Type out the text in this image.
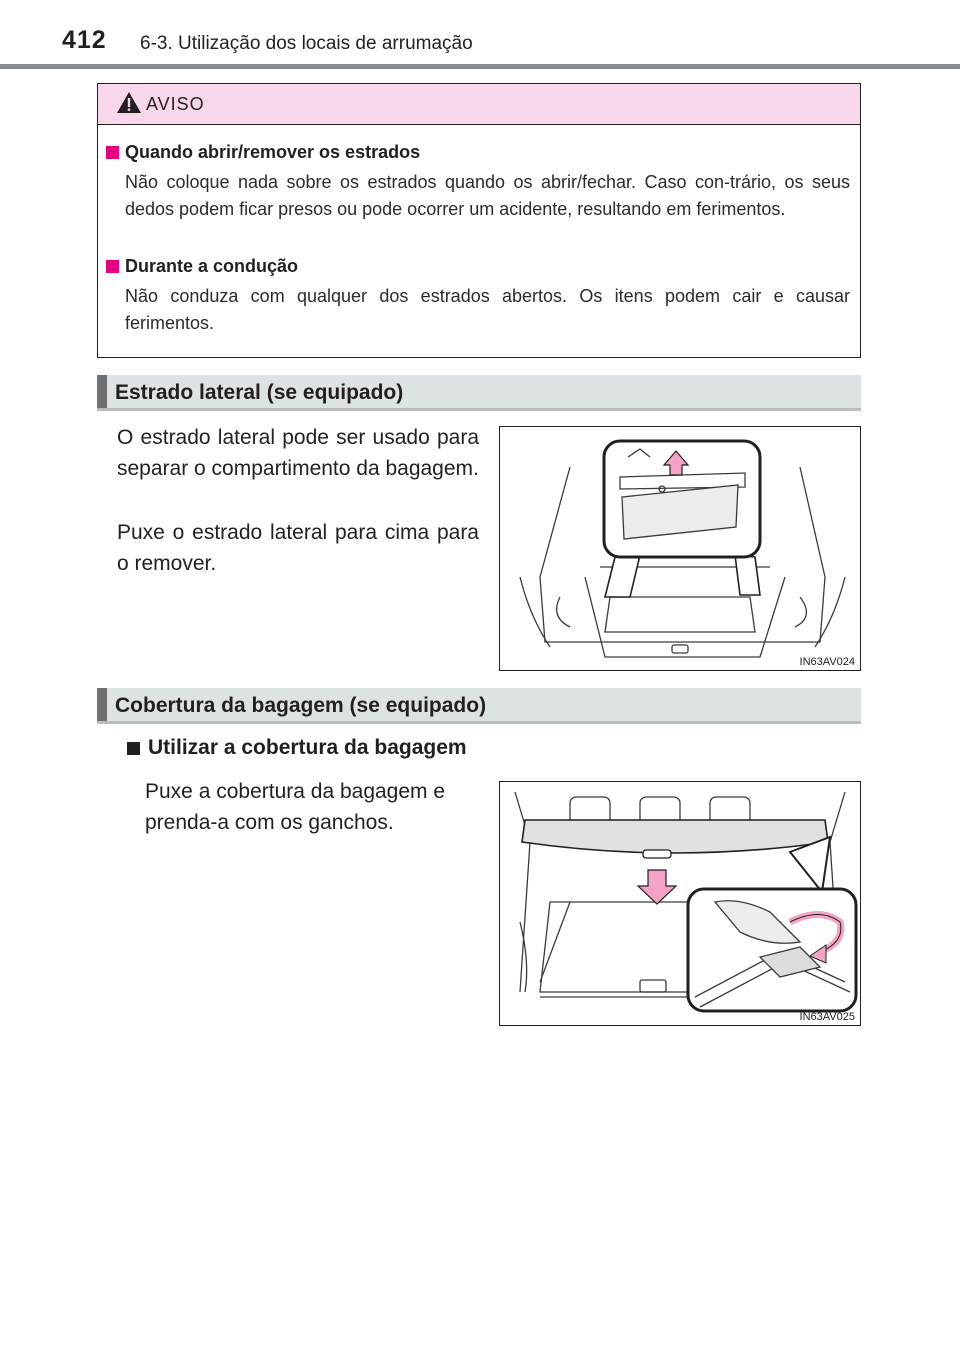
412 6-3. Utilização dos locais de arrumação
AVISO
Quando abrir/remover os estrados
Não coloque nada sobre os estrados quando os abrir/fechar. Caso con-trário, os seus dedos podem ficar presos ou pode ocorrer um acidente, resultando em ferimentos.
Durante a condução
Não conduza com qualquer dos estrados abertos. Os itens podem cair e causar ferimentos.
Estrado lateral (se equipado)
O estrado lateral pode ser usado para separar o compartimento da bagagem.
Puxe o estrado lateral para cima para o remover.
IN63AV024
Cobertura da bagagem (se equipado)
Utilizar a cobertura da bagagem
Puxe a cobertura da bagagem e prenda-a com os ganchos.
IN63AV025
